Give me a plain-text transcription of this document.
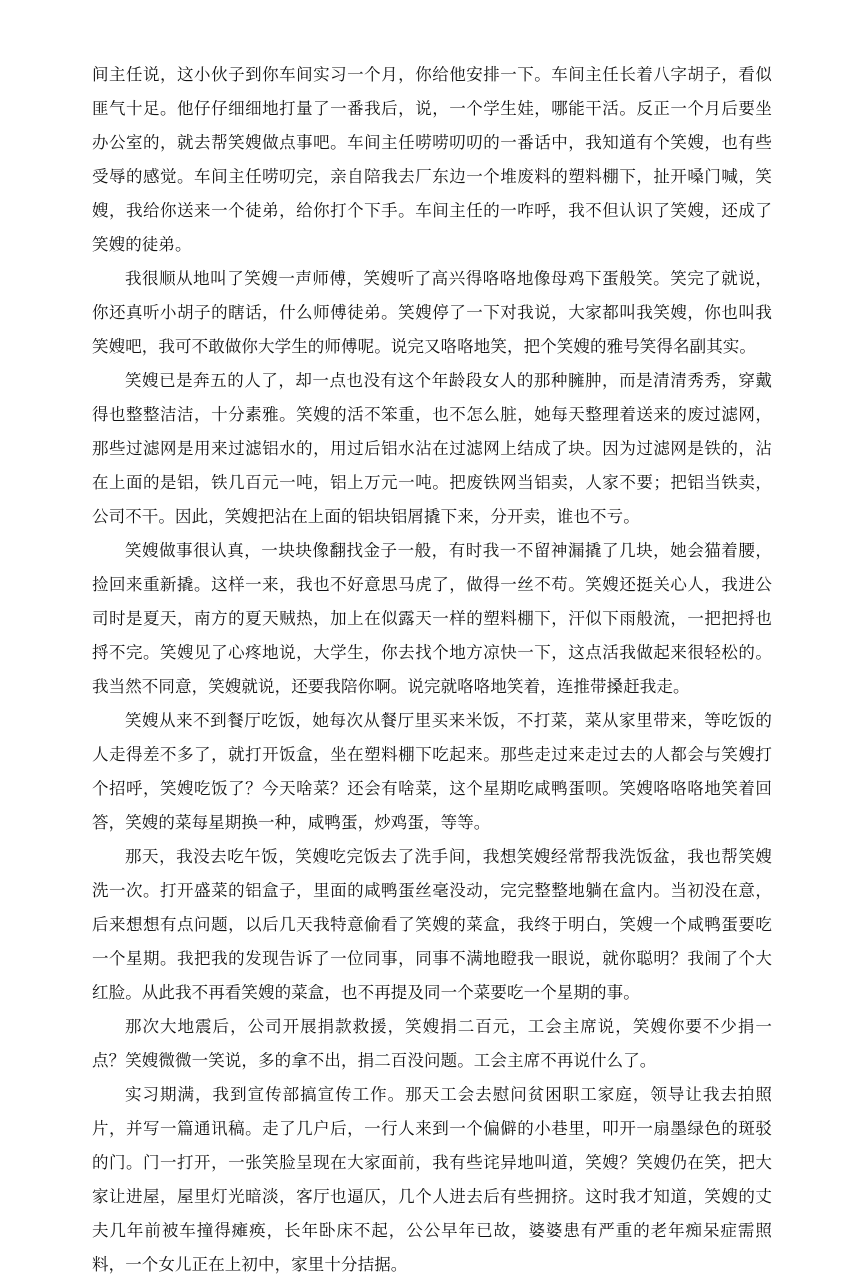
间主任说，这小伙子到你车间实习一个月，你给他安排一下。车间主任长着八字胡子，看似匪气十足。他仔仔细细地打量了一番我后，说，一个学生娃，哪能干活。反正一个月后要坐办公室的，就去帮笑嫂做点事吧。车间主任唠唠叨叨的一番话中，我知道有个笑嫂，也有些受辱的感觉。车间主任唠叨完，亲自陪我去厂东边一个堆废料的塑料棚下，扯开嗓门喊，笑嫂，我给你送来一个徒弟，给你打个下手。车间主任的一咋呼，我不但认识了笑嫂，还成了笑嫂的徒弟。

我很顺从地叫了笑嫂一声师傅，笑嫂听了高兴得咯咯地像母鸡下蛋般笑。笑完了就说，你还真听小胡子的瞎话，什么师傅徒弟。笑嫂停了一下对我说，大家都叫我笑嫂，你也叫我笑嫂吧，我可不敢做你大学生的师傅呢。说完又咯咯地笑，把个笑嫂的雅号笑得名副其实。

笑嫂已是奔五的人了，却一点也没有这个年龄段女人的那种臃肿，而是清清秀秀，穿戴得也整整洁洁，十分素雅。笑嫂的活不笨重，也不怎么脏，她每天整理着送来的废过滤网，那些过滤网是用来过滤铝水的，用过后铝水沾在过滤网上结成了块。因为过滤网是铁的，沾在上面的是铝，铁几百元一吨，铝上万元一吨。把废铁网当铝卖，人家不要；把铝当铁卖，公司不干。因此，笑嫂把沾在上面的铝块铝屑撬下来，分开卖，谁也不亏。

笑嫂做事很认真，一块块像翻找金子一般，有时我一不留神漏撬了几块，她会猫着腰，捡回来重新撬。这样一来，我也不好意思马虎了，做得一丝不苟。笑嫂还挺关心人，我进公司时是夏天，南方的夏天贼热，加上在似露天一样的塑料棚下，汗似下雨般流，一把把捋也捋不完。笑嫂见了心疼地说，大学生，你去找个地方凉快一下，这点活我做起来很轻松的。我当然不同意，笑嫂就说，还要我陪你啊。说完就咯咯地笑着，连推带搡赶我走。

笑嫂从来不到餐厅吃饭，她每次从餐厅里买来米饭，不打菜，菜从家里带来，等吃饭的人走得差不多了，就打开饭盒，坐在塑料棚下吃起来。那些走过来走过去的人都会与笑嫂打个招呼，笑嫂吃饭了？今天啥菜？还会有啥菜，这个星期吃咸鸭蛋呗。笑嫂咯咯咯地笑着回答，笑嫂的菜每星期换一种，咸鸭蛋，炒鸡蛋，等等。

那天，我没去吃午饭，笑嫂吃完饭去了洗手间，我想笑嫂经常帮我洗饭盆，我也帮笑嫂洗一次。打开盛菜的铝盒子，里面的咸鸭蛋丝毫没动，完完整整地躺在盒内。当初没在意，后来想想有点问题，以后几天我特意偷看了笑嫂的菜盒，我终于明白，笑嫂一个咸鸭蛋要吃一个星期。我把我的发现告诉了一位同事，同事不满地瞪我一眼说，就你聪明？我闹了个大红脸。从此我不再看笑嫂的菜盒，也不再提及同一个菜要吃一个星期的事。

那次大地震后，公司开展捐款救援，笑嫂捐二百元，工会主席说，笑嫂你要不少捐一点？笑嫂微微一笑说，多的拿不出，捐二百没问题。工会主席不再说什么了。

实习期满，我到宣传部搞宣传工作。那天工会去慰问贫困职工家庭，领导让我去拍照片，并写一篇通讯稿。走了几户后，一行人来到一个偏僻的小巷里，叩开一扇墨绿色的斑驳的门。门一打开，一张笑脸呈现在大家面前，我有些诧异地叫道，笑嫂？笑嫂仍在笑，把大家让进屋，屋里灯光暗淡，客厅也逼仄，几个人进去后有些拥挤。这时我才知道，笑嫂的丈夫几年前被车撞得瘫痪，长年卧床不起，公公早年已故，婆婆患有严重的老年痴呆症需照料，一个女儿正在上初中，家里十分拮据。
